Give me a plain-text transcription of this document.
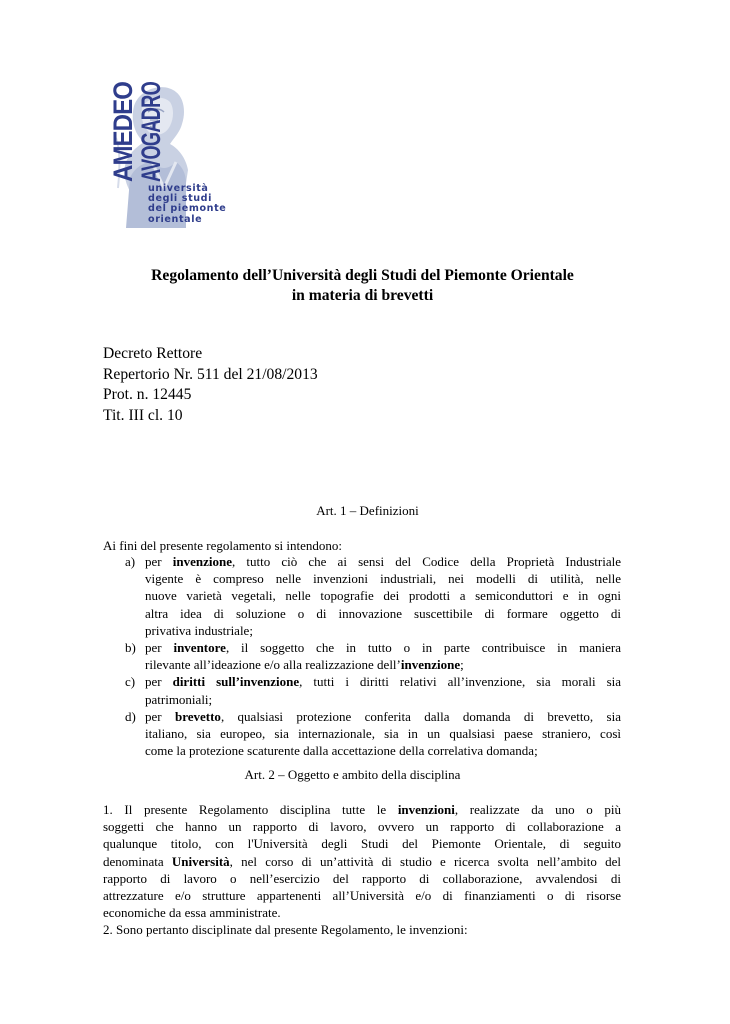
AMEDEO
AVOGADRO
università
degli studi
del piemonte
orientale
Regolamento dell’Università degli Studi del Piemonte Orientale
in materia di brevetti
Decreto Rettore
Repertorio Nr. 511 del 21/08/2013
Prot. n. 12445
Tit. III cl. 10
Art. 1 – Definizioni
Ai fini del presente regolamento si intendono:
a) per invenzione, tutto ciò che ai sensi del Codice della Proprietà Industriale
vigente è compreso nelle invenzioni industriali, nei modelli di utilità, nelle
nuove varietà vegetali, nelle topografie dei prodotti a semiconduttori e in ogni
altra idea di soluzione o di innovazione suscettibile di formare oggetto di
privativa industriale;
b) per inventore, il soggetto che in tutto o in parte contribuisce in maniera
rilevante all’ideazione e/o alla realizzazione dell’invenzione;
c) per diritti sull’invenzione, tutti i diritti relativi all’invenzione, sia morali sia
patrimoniali;
d) per brevetto, qualsiasi protezione conferita dalla domanda di brevetto, sia
italiano, sia europeo, sia internazionale, sia in un qualsiasi paese straniero, così
come la protezione scaturente dalla accettazione della correlativa domanda;
Art. 2 – Oggetto e ambito della disciplina
1. Il presente Regolamento disciplina tutte le invenzioni, realizzate da uno o più
soggetti che hanno un rapporto di lavoro, ovvero un rapporto di collaborazione a
qualunque titolo, con l'Università degli Studi del Piemonte Orientale, di seguito
denominata Università, nel corso di un’attività di studio e ricerca svolta nell’ambito del
rapporto di lavoro o nell’esercizio del rapporto di collaborazione, avvalendosi di
attrezzature e/o strutture appartenenti all’Università e/o di finanziamenti o di risorse
economiche da essa amministrate.
2. Sono pertanto disciplinate dal presente Regolamento, le invenzioni:
